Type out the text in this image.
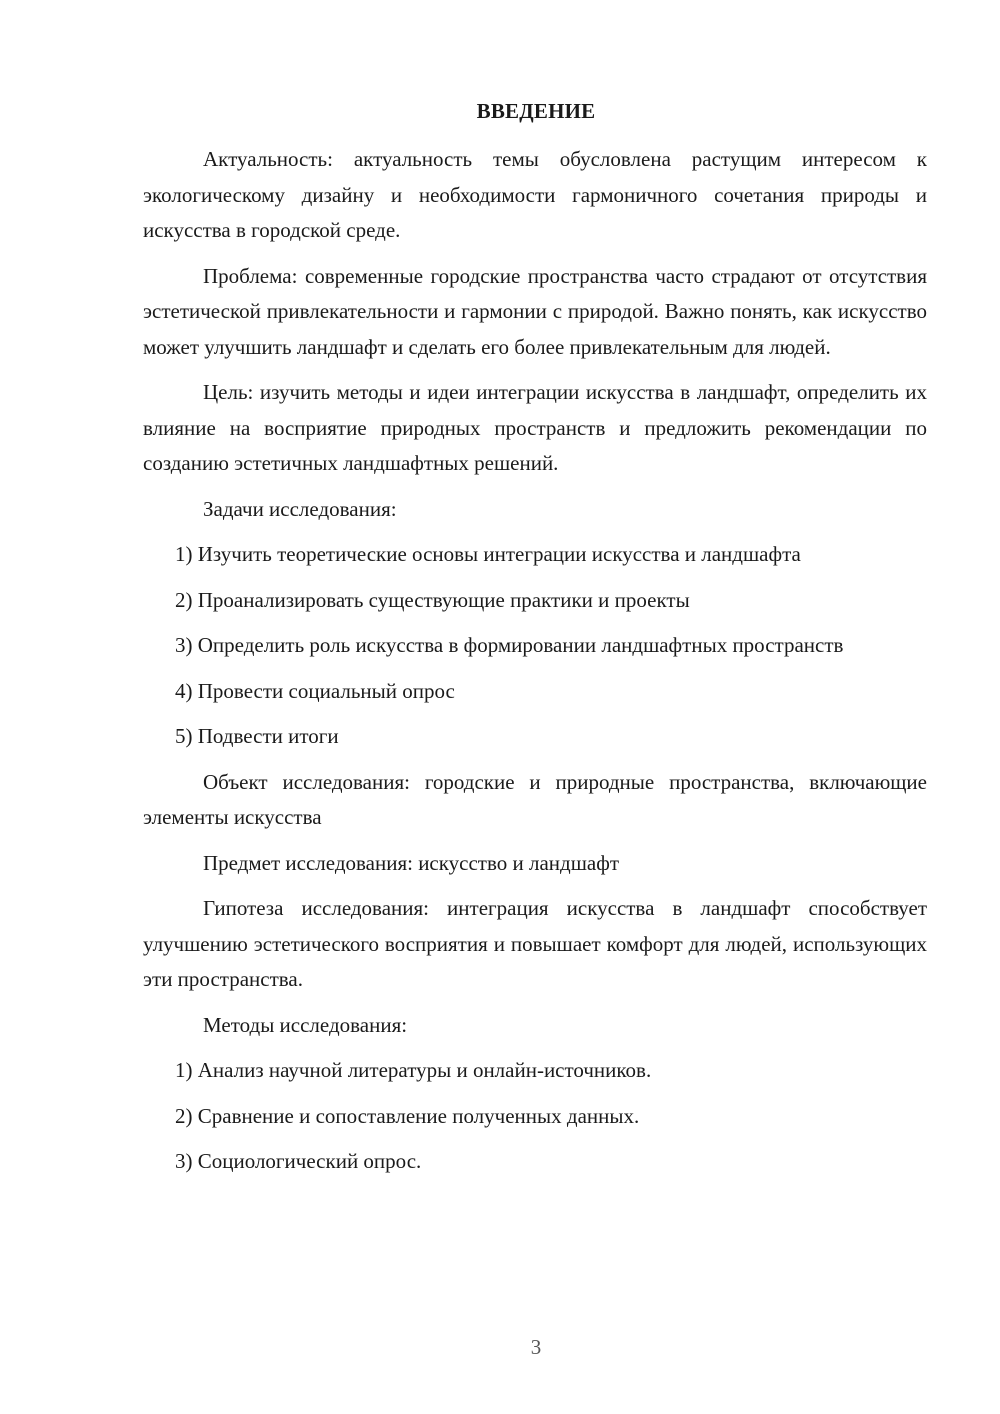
ВВЕДЕНИЕ

Актуальность: актуальность темы обусловлена растущим интересом к экологическому дизайну и необходимости гармоничного сочетания природы и искусства в городской среде.

Проблема: современные городские пространства часто страдают от отсутствия эстетической привлекательности и гармонии с природой. Важно понять, как искусство может улучшить ландшафт и сделать его более привлекательным для людей.

Цель: изучить методы и идеи интеграции искусства в ландшафт, определить их влияние на восприятие природных пространств и предложить рекомендации по созданию эстетичных ландшафтных решений.

Задачи исследования:

1) Изучить теоретические основы интеграции искусства и ландшафта

2) Проанализировать существующие практики и проекты

3) Определить роль искусства в формировании ландшафтных пространств

4) Провести социальный опрос

5) Подвести итоги

Объект исследования: городские и природные пространства, включающие элементы искусства

Предмет исследования: искусство и ландшафт

Гипотеза исследования: интеграция искусства в ландшафт способствует улучшению эстетического восприятия и повышает комфорт для людей, использующих эти пространства.

Методы исследования:

1) Анализ научной литературы и онлайн-источников.

2) Сравнение и сопоставление полученных данных.

3) Социологический опрос.

3
